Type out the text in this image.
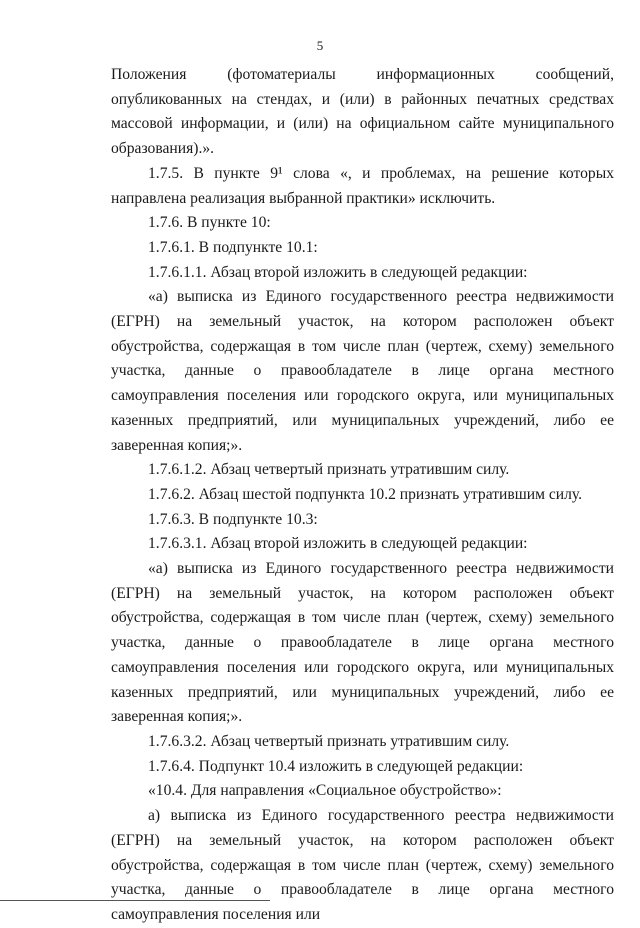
5

Положения (фотоматериалы информационных сообщений, опубликованных на стендах, и (или) в районных печатных средствах массовой информации, и (или) на официальном сайте муниципального образования).».

1.7.5. В пункте 9¹ слова «, и проблемах, на решение которых направлена реализация выбранной практики» исключить.

1.7.6. В пункте 10:

1.7.6.1. В подпункте 10.1:

1.7.6.1.1. Абзац второй изложить в следующей редакции:

«а) выписка из Единого государственного реестра недвижимости (ЕГРН) на земельный участок, на котором расположен объект обустройства, содержащая в том числе план (чертеж, схему) земельного участка, данные о правообладателе в лице органа местного самоуправления поселения или городского округа, или муниципальных казенных предприятий, или муниципальных учреждений, либо ее заверенная копия;».

1.7.6.1.2. Абзац четвертый признать утратившим силу.

1.7.6.2. Абзац шестой подпункта 10.2 признать утратившим силу.

1.7.6.3. В подпункте 10.3:

1.7.6.3.1. Абзац второй изложить в следующей редакции:

«а) выписка из Единого государственного реестра недвижимости (ЕГРН) на земельный участок, на котором расположен объект обустройства, содержащая в том числе план (чертеж, схему) земельного участка, данные о правообладателе в лице органа местного самоуправления поселения или городского округа, или муниципальных казенных предприятий, или муниципальных учреждений, либо ее заверенная копия;».

1.7.6.3.2. Абзац четвертый признать утратившим силу.

1.7.6.4. Подпункт 10.4 изложить в следующей редакции:

«10.4. Для направления «Социальное обустройство»:

а) выписка из Единого государственного реестра недвижимости (ЕГРН) на земельный участок, на котором расположен объект обустройства, содержащая в том числе план (чертеж, схему) земельного участка, данные о правообладателе в лице органа местного самоуправления поселения или
